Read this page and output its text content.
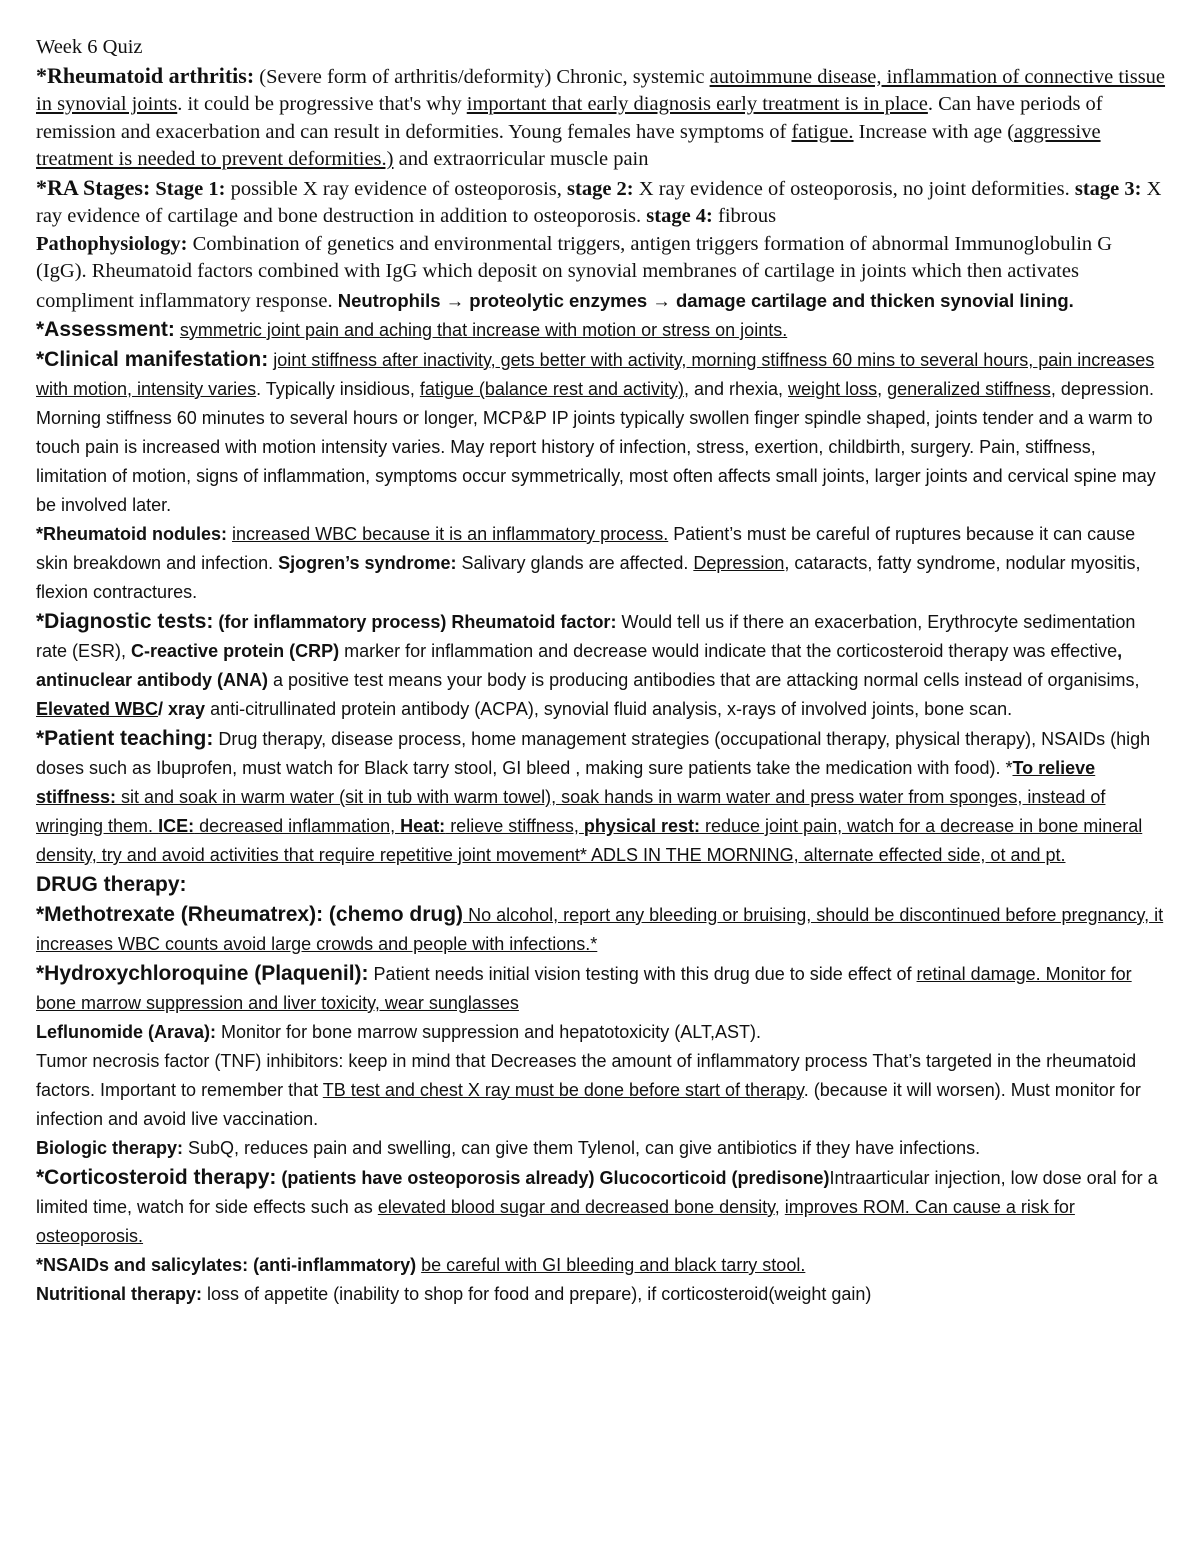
Week 6 Quiz

*Rheumatoid arthritis: (Severe form of arthritis/deformity) Chronic, systemic autoimmune disease, inflammation of connective tissue in synovial joints. it could be progressive that's why important that early diagnosis early treatment is in place. Can have periods of remission and exacerbation and can result in deformities. Young females have symptoms of fatigue. Increase with age (aggressive treatment is needed to prevent deformities.) and extraorricular muscle pain

*RA Stages: Stage 1: possible X ray evidence of osteoporosis, stage 2: X ray evidence of osteoporosis, no joint deformities. stage 3: X ray evidence of cartilage and bone destruction in addition to osteoporosis. stage 4: fibrous
Pathophysiology: Combination of genetics and environmental triggers, antigen triggers formation of abnormal Immunoglobulin G (IgG). Rheumatoid factors combined with IgG which deposit on synovial membranes of cartilage in joints which then activates compliment inflammatory response. Neutrophils → proteolytic enzymes → damage cartilage and thicken synovial lining.

*Assessment: symmetric joint pain and aching that increase with motion or stress on joints.

*Clinical manifestation: joint stiffness after inactivity, gets better with activity, morning stiffness 60 mins to several hours, pain increases with motion, intensity varies. Typically insidious, fatigue (balance rest and activity), and rhexia, weight loss, generalized stiffness, depression.

Morning stiffness 60 minutes to several hours or longer, MCP&P IP joints typically swollen finger spindle shaped, joints tender and a warm to touch pain is increased with motion intensity varies. May report history of infection, stress, exertion, childbirth, surgery. Pain, stiffness, limitation of motion, signs of inflammation, symptoms occur symmetrically, most often affects small joints, larger joints and cervical spine may be involved later.

*Rheumatoid nodules: increased WBC because it is an inflammatory process. Patient’s must be careful of ruptures because it can cause skin breakdown and infection. Sjogren’s syndrome: Salivary glands are affected. Depression, cataracts, fatty syndrome, nodular myositis, flexion contractures.

*Diagnostic tests: (for inflammatory process) Rheumatoid factor: Would tell us if there an exacerbation, Erythrocyte sedimentation rate (ESR), C-reactive protein (CRP) marker for inflammation and decrease would indicate that the corticosteroid therapy was effective, antinuclear antibody (ANA) a positive test means your body is producing antibodies that are attacking normal cells instead of organisims, Elevated WBC/ xray anti-citrullinated protein antibody (ACPA), synovial fluid analysis, x-rays of involved joints, bone scan.

*Patient teaching: Drug therapy, disease process, home management strategies (occupational therapy, physical therapy), NSAIDs (high doses such as Ibuprofen, must watch for Black tarry stool, GI bleed , making sure patients take the medication with food). *To relieve stiffness: sit and soak in warm water (sit in tub with warm towel), soak hands in warm water and press water from sponges, instead of wringing them. ICE: decreased inflammation, Heat: relieve stiffness, physical rest: reduce joint pain, watch for a decrease in bone mineral density, try and avoid activities that require repetitive joint movement* ADLS IN THE MORNING, alternate effected side, ot and pt.

DRUG therapy:

*Methotrexate (Rheumatrex): (chemo drug) No alcohol, report any bleeding or bruising, should be discontinued before pregnancy, it increases WBC counts avoid large crowds and people with infections.*

*Hydroxychloroquine (Plaquenil): Patient needs initial vision testing with this drug due to side effect of retinal damage. Monitor for bone marrow suppression and liver toxicity, wear sunglasses

Leflunomide (Arava): Monitor for bone marrow suppression and hepatotoxicity (ALT,AST).

Tumor necrosis factor (TNF) inhibitors: keep in mind that Decreases the amount of inflammatory process That’s targeted in the rheumatoid factors. Important to remember that TB test and chest X ray must be done before start of therapy. (because it will worsen). Must monitor for infection and avoid live vaccination.

Biologic therapy: SubQ, reduces pain and swelling, can give them Tylenol, can give antibiotics if they have infections.

*Corticosteroid therapy: (patients have osteoporosis already) Glucocorticoid (predisone)Intraarticular injection, low dose oral for a limited time, watch for side effects such as elevated blood sugar and decreased bone density, improves ROM. Can cause a risk for osteoporosis.

*NSAIDs and salicylates: (anti-inflammatory) be careful with GI bleeding and black tarry stool.

Nutritional therapy: loss of appetite (inability to shop for food and prepare), if corticosteroid(weight gain)
